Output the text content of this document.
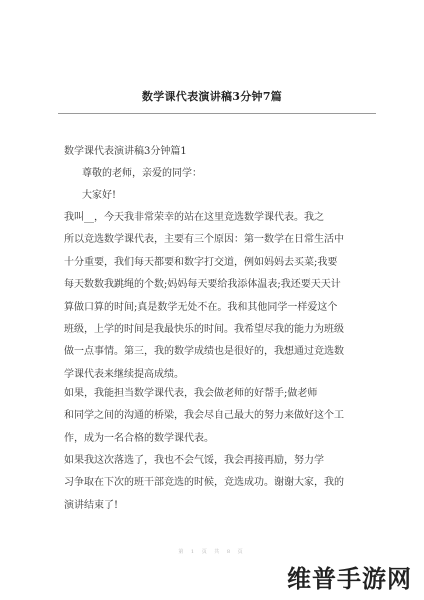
数学课代表演讲稿3分钟7篇
数学课代表演讲稿3分钟篇1
尊敬的老师，亲爱的同学：
大家好!
我叫__，今天我非常荣幸的站在这里竞选数学课代表。我之
所以竞选数学课代表，主要有三个原因：第一数学在日常生活中
十分重要，我们每天都要和数字打交道，例如妈妈去买菜;我要
每天数数我跳绳的个数;妈妈每天要给我添体温表;我还要天天计
算做口算的时间;真是数学无处不在。我和其他同学一样爱这个
班级，上学的时间是我最快乐的时间。我希望尽我的能力为班级
做一点事情。第三，我的数学成绩也是很好的，我想通过竞选数
学课代表来继续提高成绩。
如果，我能担当数学课代表，我会做老师的好帮手;做老师
和同学之间的沟通的桥梁，我会尽自己最大的努力来做好这个工
作，成为一名合格的数学课代表。
如果我这次落选了，我也不会气馁，我会再接再励，努力学
习争取在下次的班干部竞选的时候，竞选成功。谢谢大家，我的
演讲结束了!
第 1 页 共 8 页
维普手游网
